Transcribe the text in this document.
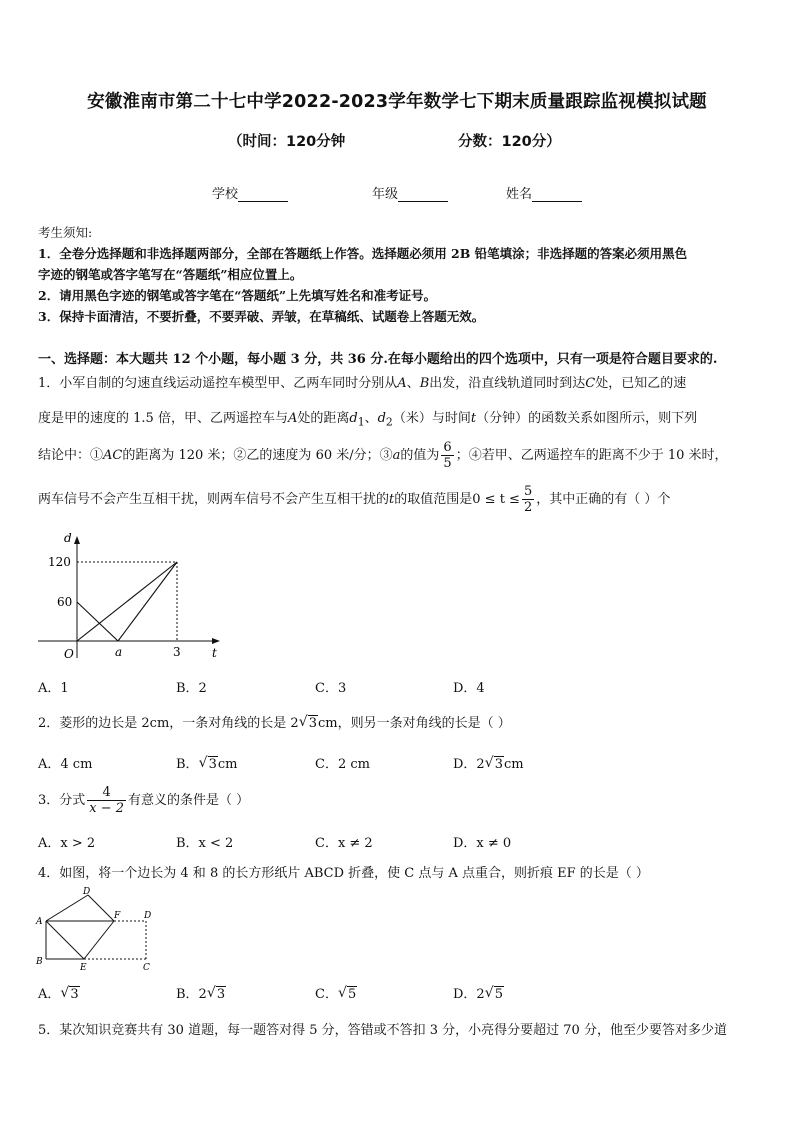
安徽淮南市第二十七中学2022-2023学年数学七下期末质量跟踪监视模拟试题
（时间：120分钟	分数：120分）
学校	年级	姓名
考生须知:
1．全卷分选择题和非选择题两部分，全部在答题纸上作答。选择题必须用 2B 铅笔填涂；非选择题的答案必须用黑色
字迹的钢笔或答字笔写在“答题纸”相应位置上。
2．请用黑色字迹的钢笔或答字笔在“答题纸”上先填写姓名和准考证号。
3．保持卡面清洁，不要折叠，不要弄破、弄皱，在草稿纸、试题卷上答题无效。
一、选择题：本大题共 12 个小题，每小题 3 分，共 36 分.在每小题给出的四个选项中，只有一项是符合题目要求的.
1．小军自制的匀速直线运动遥控车模型甲、乙两车同时分别从A、B出发，沿直线轨道同时到达C处，已知乙的速
度是甲的速度的 1.5 倍，甲、乙两遥控车与A处的距离$d_1$、$d_2$（米）与时间t（分钟）的函数关系如图所示，则下列
结论中：①AC的距离为 120 米；②乙的速度为 60 米/分；③a的值为 $\frac{6}{5}$ ；④若甲、乙两遥控车的距离不少于 10 米时，
两车信号不会产生互相干扰，则两车信号不会产生互相干扰的t的取值范围是$0 \le t \le \frac{5}{2}$ ，其中正确的有（ ）个
d
t
O
120
60
a	3
A．1	B．2	C．3	D．4
2．菱形的边长是 2cm，一条对角线的长是 2 √ 3cm，则另一条对角线的长是（ ）
A．4 cm	B． √ 3cm	C．2 cm	D．2 √ 3cm
3．分式 $\frac{4}{x - 2}$ 有意义的条件是（ ）
A．x > 2	B．x < 2	C．x ≠ 2	D．x ≠ 0
4．如图，将一个边长为 4 和 8 的长方形纸片 ABCD 折叠，使 C 点与 A 点重合，则折痕 EF 的长是（ ）
D
A
F	D
B
E	C
A． √ 3	B．2 √ 3	C． √ 5	D．2 √ 5
5．某次知识竞赛共有 30 道题，每一题答对得 5 分，答错或不答扣 3 分，小亮得分要超过 70 分，他至少要答对多少道
